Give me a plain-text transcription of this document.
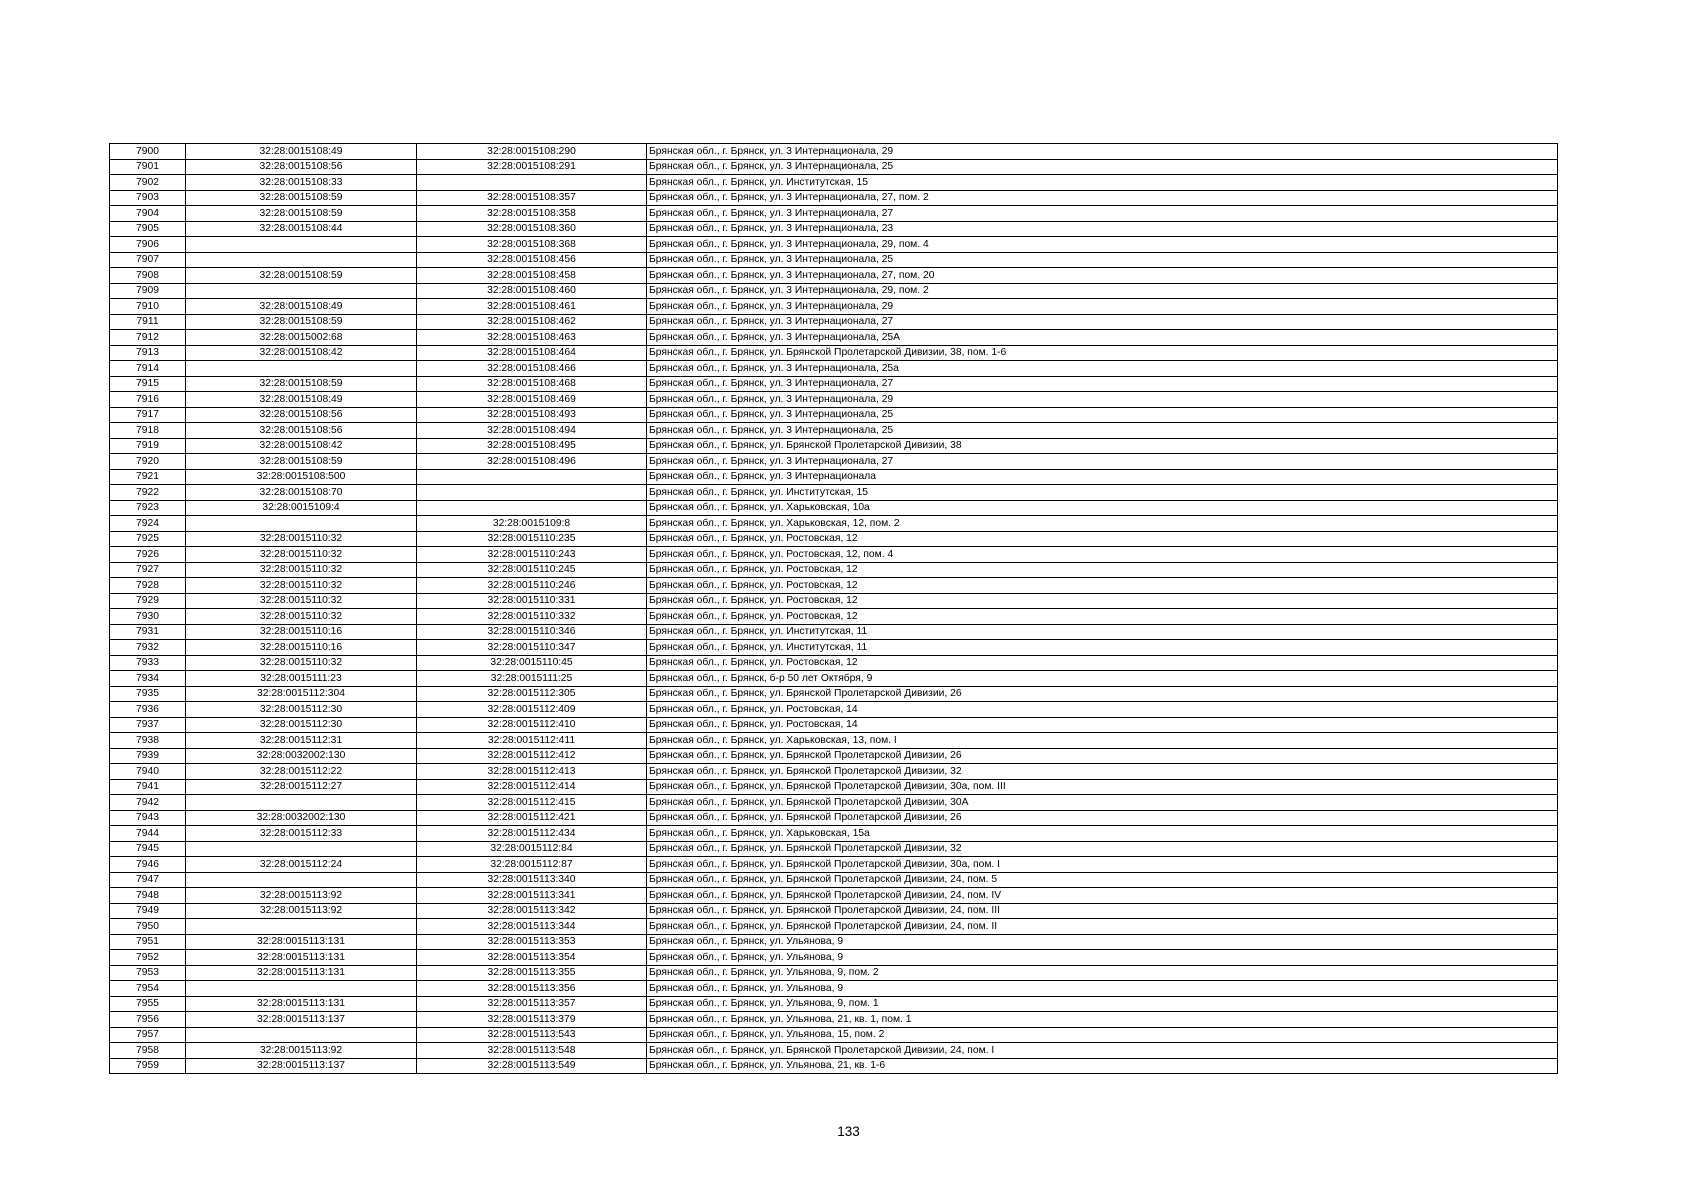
7900	32:28:0015108:49	32:28:0015108:290	Брянская обл., г. Брянск, ул. 3 Интернационала, 29
7901	32:28:0015108:56	32:28:0015108:291	Брянская обл., г. Брянск, ул. 3 Интернационала, 25
7902	32:28:0015108:33		Брянская обл., г. Брянск, ул. Институтская, 15
7903	32:28:0015108:59	32:28:0015108:357	Брянская обл., г. Брянск, ул. 3 Интернационала, 27, пом. 2
7904	32:28:0015108:59	32:28:0015108:358	Брянская обл., г. Брянск, ул. 3 Интернационала, 27
7905	32:28:0015108:44	32:28:0015108:360	Брянская обл., г. Брянск, ул. 3 Интернационала, 23
7906		32:28:0015108:368	Брянская обл., г. Брянск, ул. 3 Интернационала, 29, пом. 4
7907		32:28:0015108:456	Брянская обл., г. Брянск, ул. 3 Интернационала, 25
7908	32:28:0015108:59	32:28:0015108:458	Брянская обл., г. Брянск, ул. 3 Интернационала, 27, пом. 20
7909		32:28:0015108:460	Брянская обл., г. Брянск, ул. 3 Интернационала, 29, пом. 2
7910	32:28:0015108:49	32:28:0015108:461	Брянская обл., г. Брянск, ул. 3 Интернационала, 29
7911	32:28:0015108:59	32:28:0015108:462	Брянская обл., г. Брянск, ул. 3 Интернационала, 27
7912	32:28:0015002:68	32:28:0015108:463	Брянская обл., г. Брянск, ул. 3 Интернационала, 25А
7913	32:28:0015108:42	32:28:0015108:464	Брянская обл., г. Брянск, ул. Брянской Пролетарской Дивизии, 38, пом. 1-6
7914		32:28:0015108:466	Брянская обл., г. Брянск, ул. 3 Интернационала, 25а
7915	32:28:0015108:59	32:28:0015108:468	Брянская обл., г. Брянск, ул. 3 Интернационала, 27
7916	32:28:0015108:49	32:28:0015108:469	Брянская обл., г. Брянск, ул. 3 Интернационала, 29
7917	32:28:0015108:56	32:28:0015108:493	Брянская обл., г. Брянск, ул. 3 Интернационала, 25
7918	32:28:0015108:56	32:28:0015108:494	Брянская обл., г. Брянск, ул. 3 Интернационала, 25
7919	32:28:0015108:42	32:28:0015108:495	Брянская обл., г. Брянск, ул. Брянской Пролетарской Дивизии, 38
7920	32:28:0015108:59	32:28:0015108:496	Брянская обл., г. Брянск, ул. 3 Интернационала, 27
7921	32:28:0015108:500		Брянская обл., г. Брянск, ул. 3 Интернационала
7922	32:28:0015108:70		Брянская обл., г. Брянск, ул. Институтская, 15
7923	32:28:0015109:4		Брянская обл., г. Брянск, ул. Харьковская, 10а
7924		32:28:0015109:8	Брянская обл., г. Брянск, ул. Харьковская, 12, пом. 2
7925	32:28:0015110:32	32:28:0015110:235	Брянская обл., г. Брянск, ул. Ростовская, 12
7926	32:28:0015110:32	32:28:0015110:243	Брянская обл., г. Брянск, ул. Ростовская, 12, пом. 4
7927	32:28:0015110:32	32:28:0015110:245	Брянская обл., г. Брянск, ул. Ростовская, 12
7928	32:28:0015110:32	32:28:0015110:246	Брянская обл., г. Брянск, ул. Ростовская, 12
7929	32:28:0015110:32	32:28:0015110:331	Брянская обл., г. Брянск, ул. Ростовская, 12
7930	32:28:0015110:32	32:28:0015110:332	Брянская обл., г. Брянск, ул. Ростовская, 12
7931	32:28:0015110:16	32:28:0015110:346	Брянская обл., г. Брянск, ул. Институтская, 11
7932	32:28:0015110:16	32:28:0015110:347	Брянская обл., г. Брянск, ул. Институтская, 11
7933	32:28:0015110:32	32:28:0015110:45	Брянская обл., г. Брянск, ул. Ростовская, 12
7934	32:28:0015111:23	32:28:0015111:25	Брянская обл., г. Брянск, б-р 50 лет Октября, 9
7935	32:28:0015112:304	32:28:0015112:305	Брянская обл., г. Брянск, ул. Брянской Пролетарской Дивизии, 26
7936	32:28:0015112:30	32:28:0015112:409	Брянская обл., г. Брянск, ул. Ростовская, 14
7937	32:28:0015112:30	32:28:0015112:410	Брянская обл., г. Брянск, ул. Ростовская, 14
7938	32:28:0015112:31	32:28:0015112:411	Брянская обл., г. Брянск, ул. Харьковская, 13, пом. I
7939	32:28:0032002:130	32:28:0015112:412	Брянская обл., г. Брянск, ул. Брянской Пролетарской Дивизии, 26
7940	32:28:0015112:22	32:28:0015112:413	Брянская обл., г. Брянск, ул. Брянской Пролетарской Дивизии, 32
7941	32:28:0015112:27	32:28:0015112:414	Брянская обл., г. Брянск, ул. Брянской Пролетарской Дивизии, 30а, пом. III
7942		32:28:0015112:415	Брянская обл., г. Брянск, ул. Брянской Пролетарской Дивизии, 30А
7943	32:28:0032002:130	32:28:0015112:421	Брянская обл., г. Брянск, ул. Брянской Пролетарской Дивизии, 26
7944	32:28:0015112:33	32:28:0015112:434	Брянская обл., г. Брянск, ул. Харьковская, 15а
7945		32:28:0015112:84	Брянская обл., г. Брянск, ул. Брянской Пролетарской Дивизии, 32
7946	32:28:0015112:24	32:28:0015112:87	Брянская обл., г. Брянск, ул. Брянской Пролетарской Дивизии, 30а, пом. I
7947		32:28:0015113:340	Брянская обл., г. Брянск, ул. Брянской Пролетарской Дивизии, 24, пом. 5
7948	32:28:0015113:92	32:28:0015113:341	Брянская обл., г. Брянск, ул. Брянской Пролетарской Дивизии, 24, пом. IV
7949	32:28:0015113:92	32:28:0015113:342	Брянская обл., г. Брянск, ул. Брянской Пролетарской Дивизии, 24, пом. III
7950		32:28:0015113:344	Брянская обл., г. Брянск, ул. Брянской Пролетарской Дивизии, 24, пом. II
7951	32:28:0015113:131	32:28:0015113:353	Брянская обл., г. Брянск, ул. Ульянова, 9
7952	32:28:0015113:131	32:28:0015113:354	Брянская обл., г. Брянск, ул. Ульянова, 9
7953	32:28:0015113:131	32:28:0015113:355	Брянская обл., г. Брянск, ул. Ульянова, 9, пом. 2
7954		32:28:0015113:356	Брянская обл., г. Брянск, ул. Ульянова, 9
7955	32:28:0015113:131	32:28:0015113:357	Брянская обл., г. Брянск, ул. Ульянова, 9, пом. 1
7956	32:28:0015113:137	32:28:0015113:379	Брянская обл., г. Брянск, ул. Ульянова, 21, кв. 1, пом. 1
7957		32:28:0015113:543	Брянская обл., г. Брянск, ул. Ульянова, 15, пом. 2
7958	32:28:0015113:92	32:28:0015113:548	Брянская обл., г. Брянск, ул. Брянской Пролетарской Дивизии, 24, пом. I
7959	32:28:0015113:137	32:28:0015113:549	Брянская обл., г. Брянск, ул. Ульянова, 21, кв. 1-6
133
